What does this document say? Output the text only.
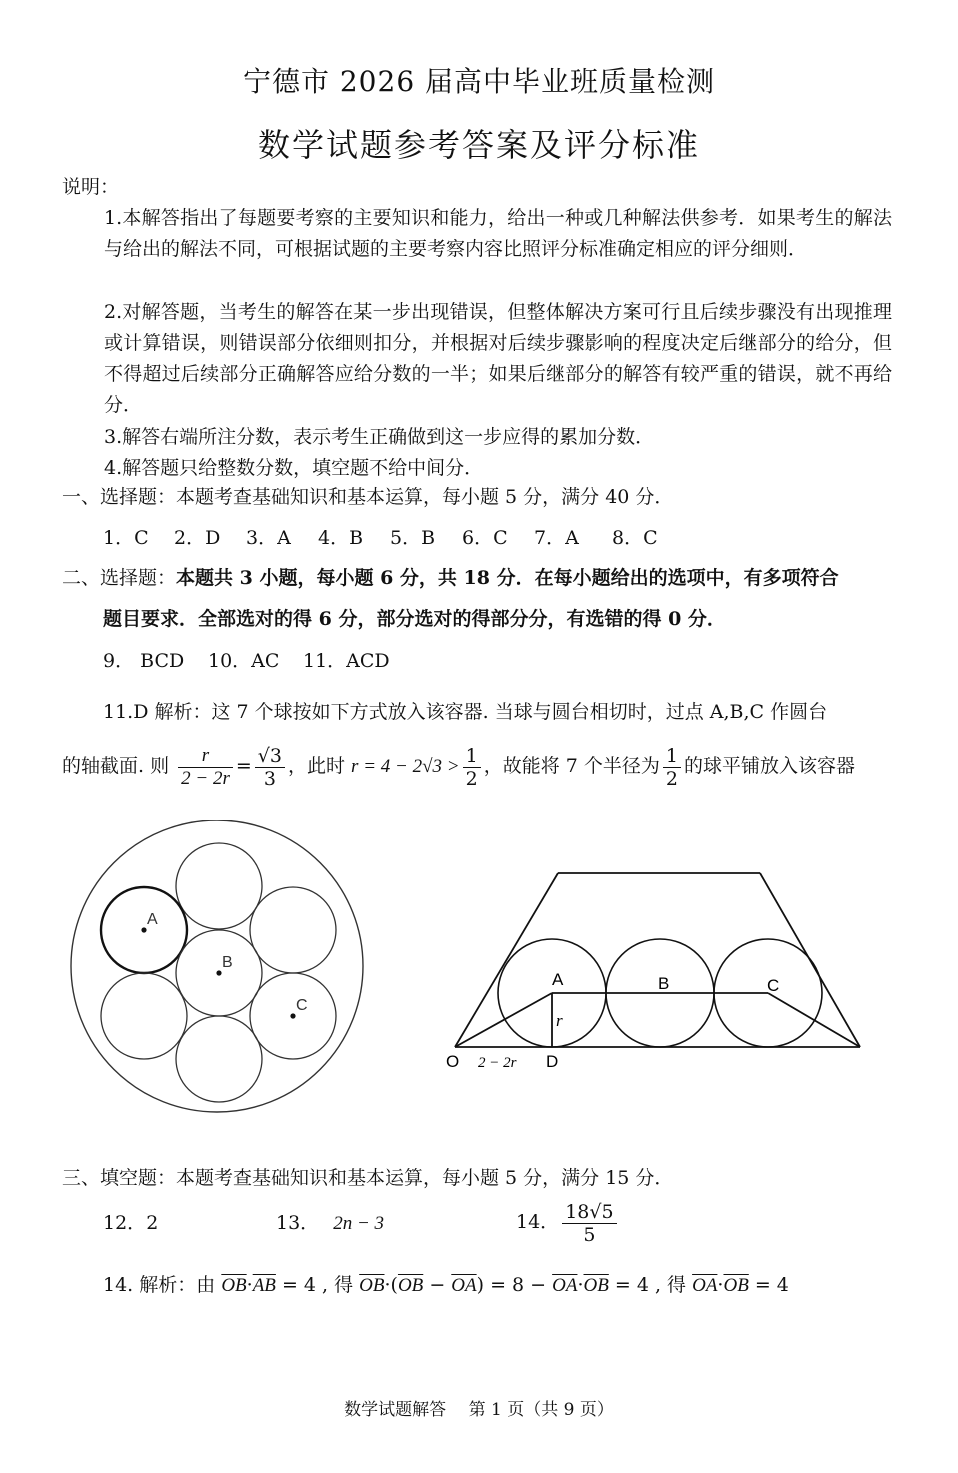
宁德市 2026 届高中毕业班质量检测
数学试题参考答案及评分标准
说明：
1.本解答指出了每题要考察的主要知识和能力，给出一种或几种解法供参考．如果考生的解法与给出的解法不同，可根据试题的主要考察内容比照评分标准确定相应的评分细则．
2.对解答题，当考生的解答在某一步出现错误，但整体解决方案可行且后续步骤没有出现推理或计算错误，则错误部分依细则扣分，并根据对后续步骤影响的程度决定后继部分的给分，但不得超过后续部分正确解答应给分数的一半；如果后继部分的解答有较严重的错误，就不再给分．
3.解答右端所注分数，表示考生正确做到这一步应得的累加分数．
4.解答题只给整数分数，填空题不给中间分．
一、选择题：本题考查基础知识和基本运算，每小题 5 分，满分 40 分．
1．C 2．D 3．A 4．B 5．B 6．C 7．A 8．C
二、选择题：本题共 3 小题，每小题 6 分，共 18 分．在每小题给出的选项中，有多项符合
题目要求．全部选对的得 6 分，部分选对的得部分分，有选错的得 0 分．
9． BCD 10．AC 11．ACD
11.D 解析：这 7 个球按如下方式放入该容器. 当球与圆台相切时，过点 A,B,C 作圆台
的轴截面. 则 $\frac{r}{2 - 2r} = \frac{√3}{3}$ ，此时 $r = 4 - 2√3 > \frac{1}{2}$ ，故能将 7 个半径为 $\frac{1}{2}$ 的球平铺放入该容器
A
B
C
A	B	C
O	D
r
2 − 2r
三、填空题：本题考查基础知识和基本运算，每小题 5 分，满分 15 分．
12．2	13． 2n − 3	14． $\frac{18√5}{5}$
14. 解析：由 $\overline{OB}\cdot\overline{AB} = 4$ , 得 $\overline{OB}\cdot(\overline{OB} - \overline{OA}) = 8 - \overline{OA}\cdot\overline{OB} = 4$ , 得 $\overline{OA}\cdot\overline{OB} = 4$
数学试题解答　 第 1 页（共 9 页）
